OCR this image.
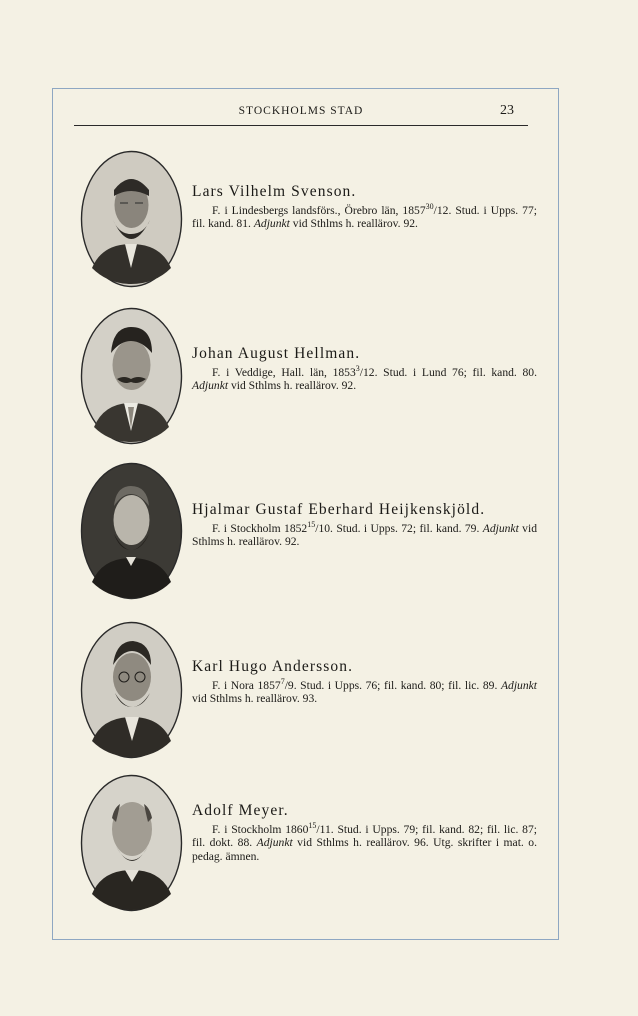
STOCKHOLMS STAD	23

Lars Vilhelm Svenson.

F. i Lindesbergs landsförs., Örebro län, 1857$^{30}$/12. Stud. i Upps. 77; fil. kand. 81. Adjunkt vid Sthlms h. reallärov. 92.

Johan August Hellman.

F. i Veddige, Hall. län, 1853$^3$/12. Stud. i Lund 76; fil. kand. 80. Adjunkt vid Sthlms h. reallärov. 92.

Hjalmar Gustaf Eberhard Heijkenskjöld.

F. i Stockholm 1852$^{15}$/10. Stud. i Upps. 72; fil. kand. 79. Adjunkt vid Sthlms h. reallärov. 92.

Karl Hugo Andersson.

F. i Nora 1857$^7$/9. Stud. i Upps. 76; fil. kand. 80; fil. lic. 89. Adjunkt vid Sthlms h. reallärov. 93.

Adolf Meyer.

F. i Stockholm 1860$^{15}$/11. Stud. i Upps. 79; fil. kand. 82; fil. lic. 87; fil. dokt. 88. Adjunkt vid Sthlms h. reallärov. 96. Utg. skrifter i mat. o. pedag. ämnen.
